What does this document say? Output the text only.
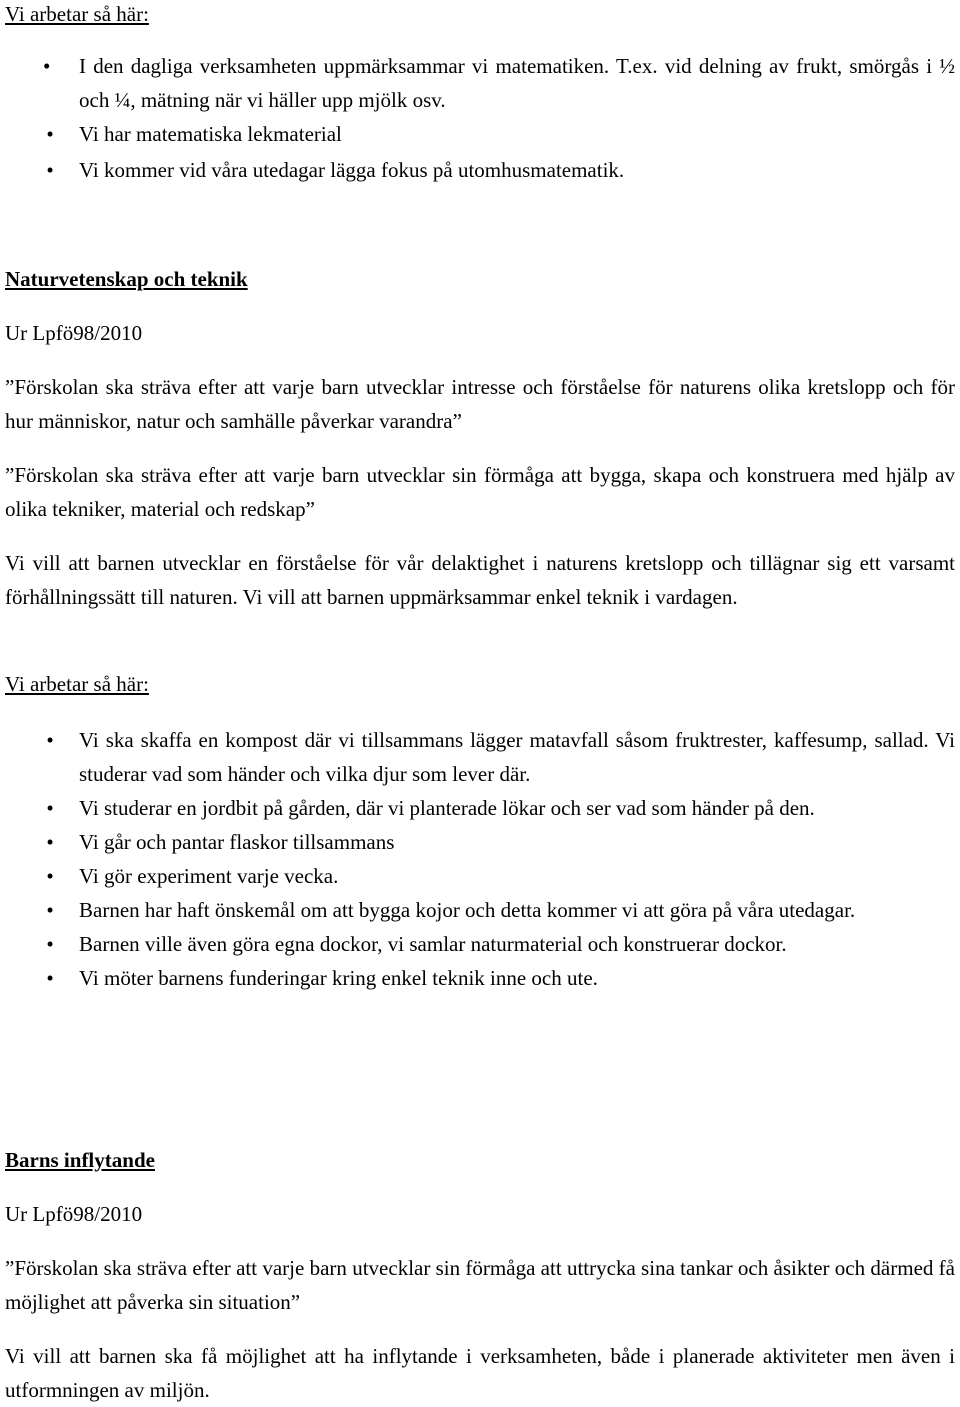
Vi arbetar så här:

•	I den dagliga verksamheten uppmärksammar vi matematiken. T.ex. vid delning av frukt, smörgås i ½ och ¼, mätning när vi häller upp mjölk osv.
• Vi har matematiska lekmaterial
• Vi kommer vid våra utedagar lägga fokus på utomhusmatematik.

Naturvetenskap och teknik

Ur Lpfö98/2010

”Förskolan ska sträva efter att varje barn utvecklar intresse och förståelse för naturens olika kretslopp och för hur människor, natur och samhälle påverkar varandra”

”Förskolan ska sträva efter att varje barn utvecklar sin förmåga att bygga, skapa och konstruera med hjälp av olika tekniker, material och redskap”

Vi vill att barnen utvecklar en förståelse för vår delaktighet i naturens kretslopp och tillägnar sig ett varsamt förhållningssätt till naturen. Vi vill att barnen uppmärksammar enkel teknik i vardagen.

Vi arbetar så här:

• Vi ska skaffa en kompost där vi tillsammans lägger matavfall såsom fruktrester, kaffesump, sallad. Vi studerar vad som händer och vilka djur som lever där.
• Vi studerar en jordbit på gården, där vi planterade lökar och ser vad som händer på den.
• Vi går och pantar flaskor tillsammans
• Vi gör experiment varje vecka.
• Barnen har haft önskemål om att bygga kojor och detta kommer vi att göra på våra utedagar.
• Barnen ville även göra egna dockor, vi samlar naturmaterial och konstruerar dockor.
• Vi möter barnens funderingar kring enkel teknik inne och ute.

Barns inflytande

Ur Lpfö98/2010

”Förskolan ska sträva efter att varje barn utvecklar sin förmåga att uttrycka sina tankar och åsikter och därmed få möjlighet att påverka sin situation”

Vi vill att barnen ska få möjlighet att ha inflytande i verksamheten, både i planerade aktiviteter men även i utformningen av miljön.
